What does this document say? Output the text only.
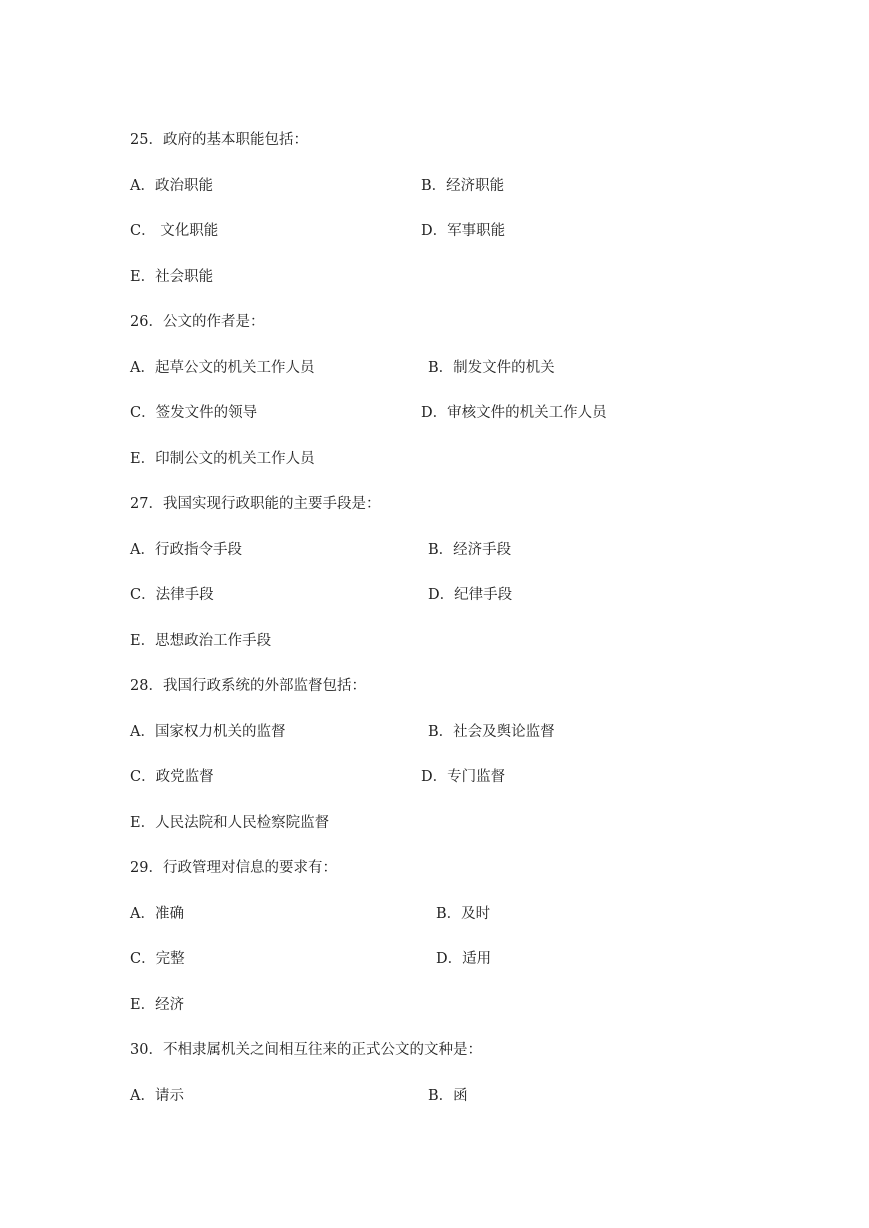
25．政府的基本职能包括：
A．政治职能	B．经济职能
C． 文化职能	D．军事职能
E．社会职能
26．公文的作者是：
A．起草公文的机关工作人员	B．制发文件的机关
C．签发文件的领导	D．审核文件的机关工作人员
E．印制公文的机关工作人员
27．我国实现行政职能的主要手段是：
A．行政指令手段	B．经济手段
C．法律手段	D．纪律手段
E．思想政治工作手段
28．我国行政系统的外部监督包括：
A．国家权力机关的监督	B．社会及舆论监督
C．政党监督	D．专门监督
E．人民法院和人民检察院监督
29．行政管理对信息的要求有：
A．准确	B．及时
C．完整	D．适用
E．经济
30．不相隶属机关之间相互往来的正式公文的文种是：
A．请示	B．函
